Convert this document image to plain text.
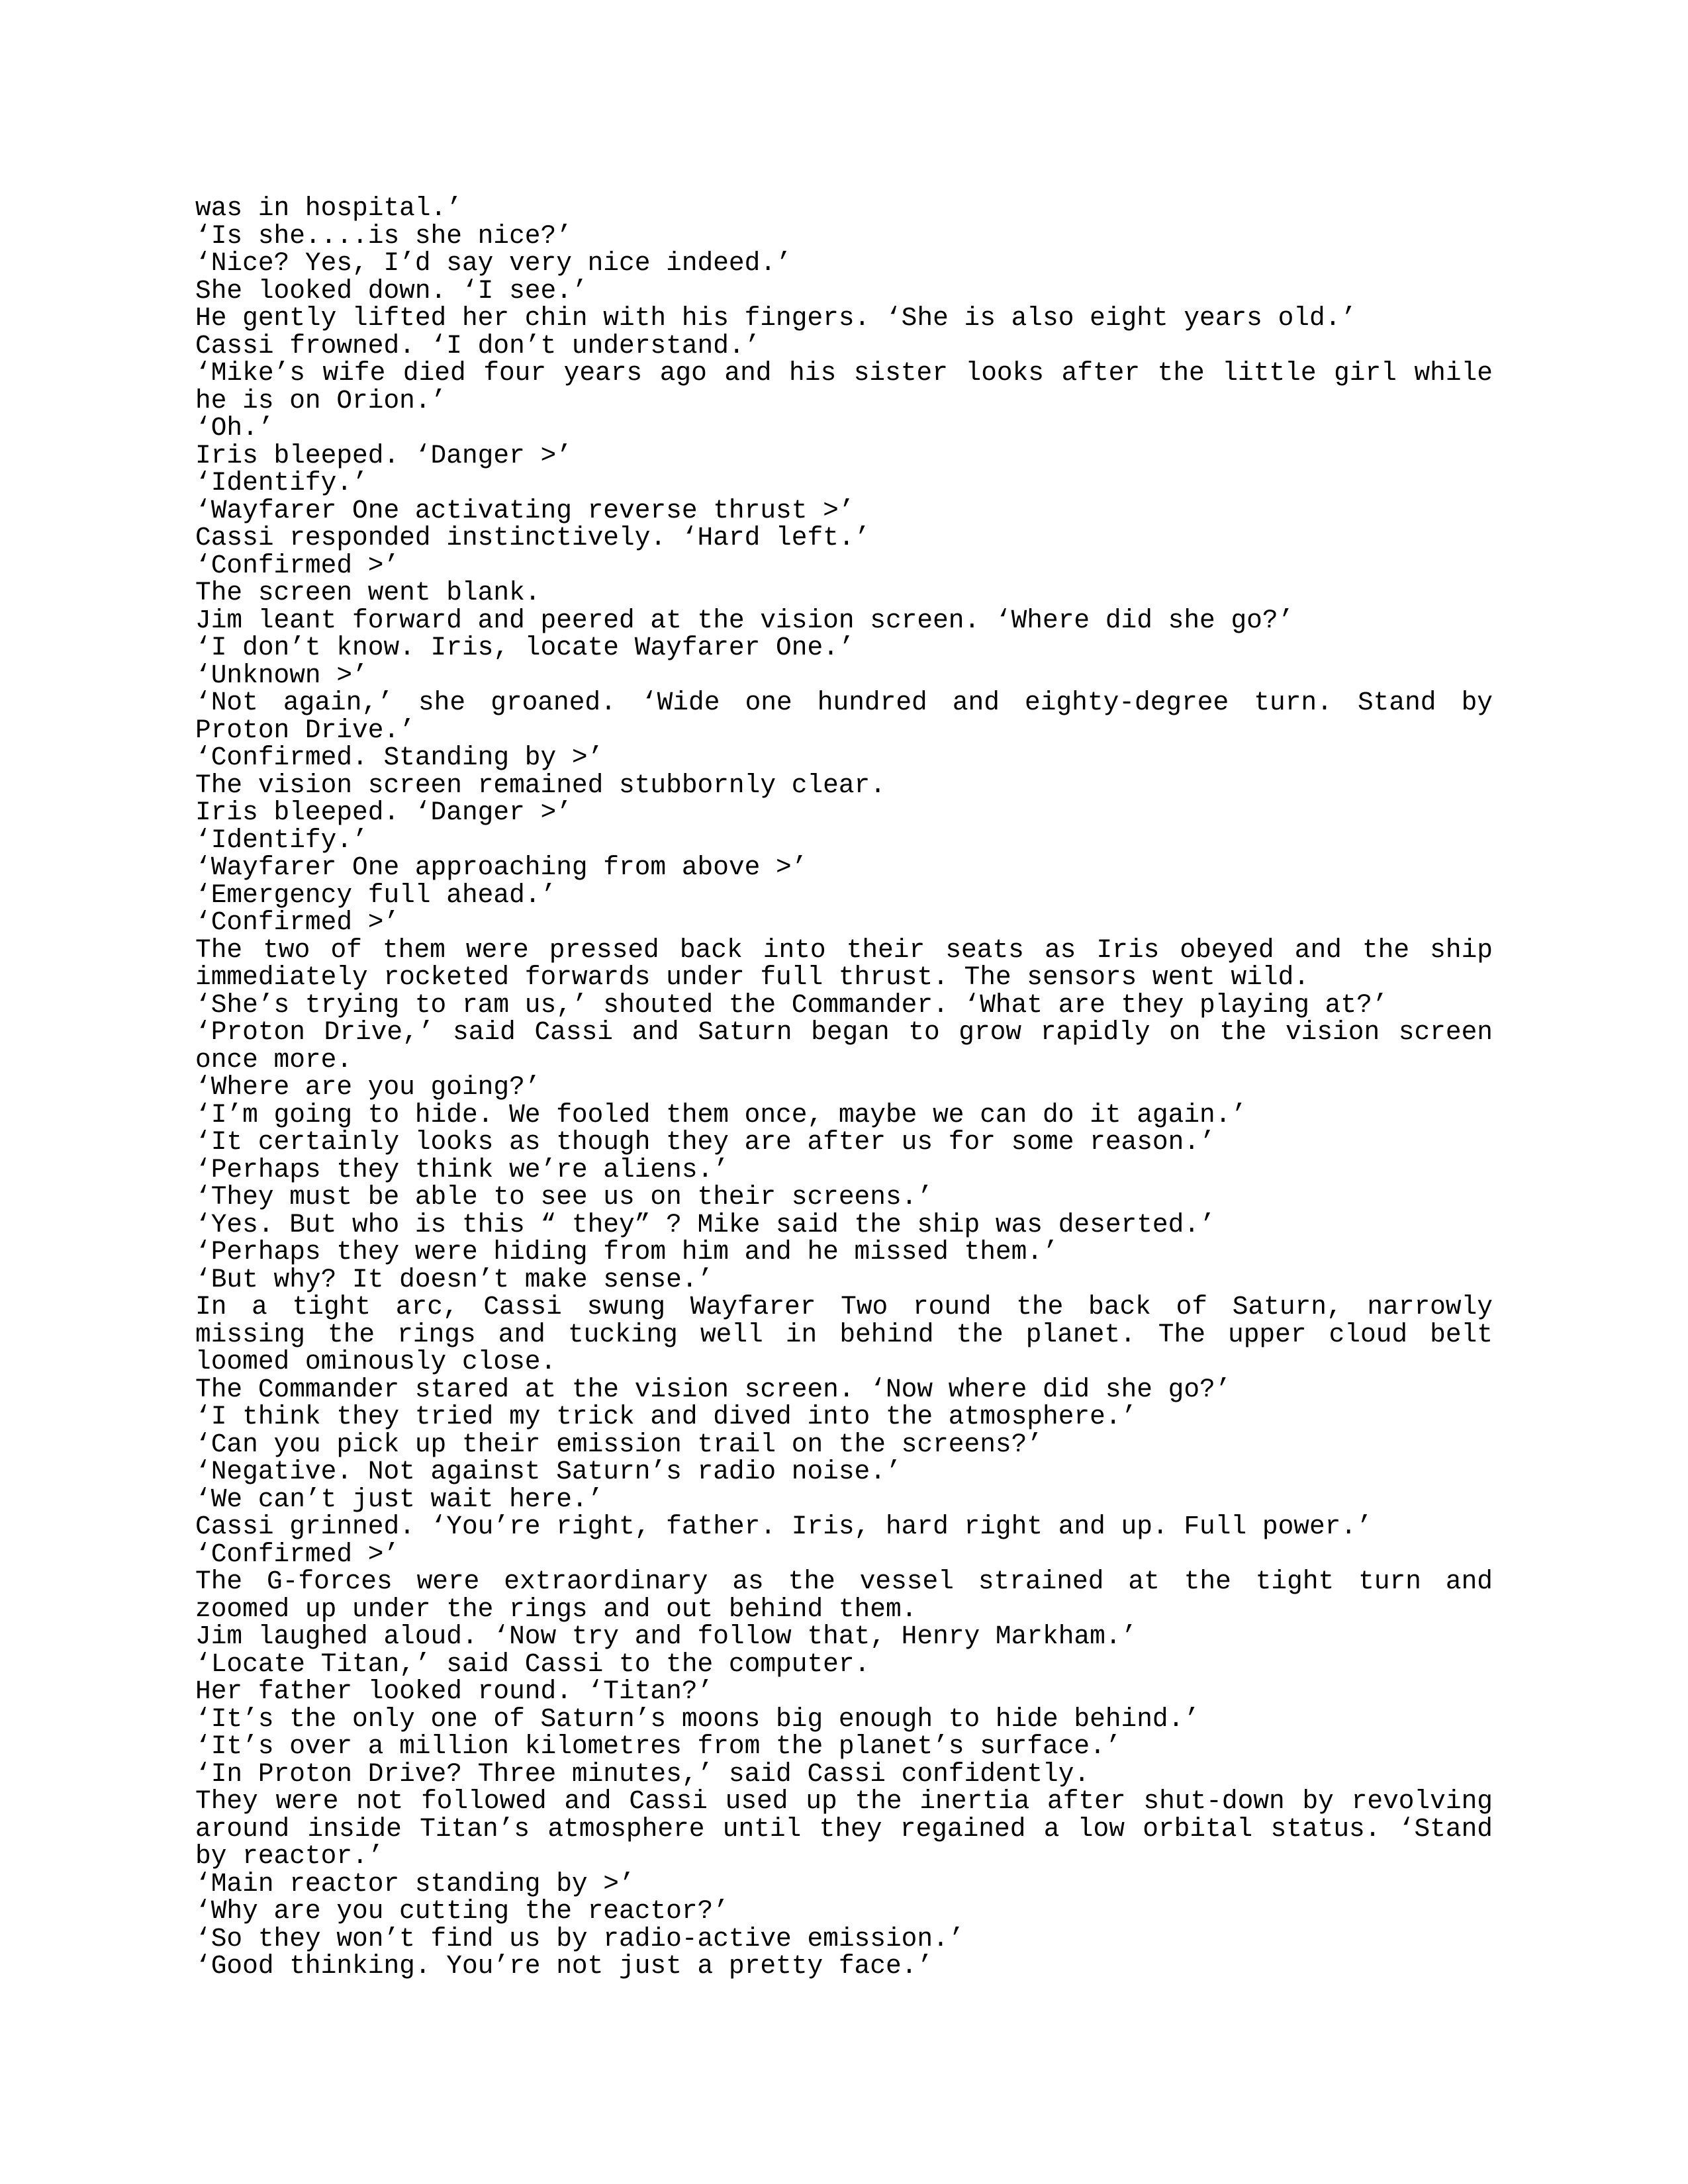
was in hospital.’

‘Is she....is she nice?’

‘Nice? Yes, I’d say very nice indeed.’

She looked down. ‘I see.’

He gently lifted her chin with his fingers. ‘She is also eight years old.’

Cassi frowned. ‘I don’t understand.’

‘Mike’s wife died four years ago and his sister looks after the little girl while he is on Orion.’

‘Oh.’

Iris bleeped. ‘Danger >’

‘Identify.’

‘Wayfarer One activating reverse thrust >’

Cassi responded instinctively. ‘Hard left.’

‘Confirmed >’

The screen went blank.

Jim leant forward and peered at the vision screen. ‘Where did she go?’

‘I don’t know. Iris, locate Wayfarer One.’

‘Unknown >’

‘Not again,’ she groaned. ‘Wide one hundred and eighty-degree turn. Stand by Proton Drive.’

‘Confirmed. Standing by >’

The vision screen remained stubbornly clear.

Iris bleeped. ‘Danger >’

‘Identify.’

‘Wayfarer One approaching from above >’

‘Emergency full ahead.’

‘Confirmed >’

The two of them were pressed back into their seats as Iris obeyed and the ship immediately rocketed forwards under full thrust. The sensors went wild.

‘She’s trying to ram us,’ shouted the Commander. ‘What are they playing at?’

‘Proton Drive,’ said Cassi and Saturn began to grow rapidly on the vision screen once more.

‘Where are you going?’

‘I’m going to hide. We fooled them once, maybe we can do it again.’

‘It certainly looks as though they are after us for some reason.’

‘Perhaps they think we’re aliens.’

‘They must be able to see us on their screens.’

‘Yes. But who is this “ they” ? Mike said the ship was deserted.’

‘Perhaps they were hiding from him and he missed them.’

‘But why? It doesn’t make sense.’

In a tight arc, Cassi swung Wayfarer Two round the back of Saturn, narrowly missing the rings and tucking well in behind the planet. The upper cloud belt loomed ominously close.

The Commander stared at the vision screen. ‘Now where did she go?’

‘I think they tried my trick and dived into the atmosphere.’

‘Can you pick up their emission trail on the screens?’

‘Negative. Not against Saturn’s radio noise.’

‘We can’t just wait here.’

Cassi grinned. ‘You’re right, father. Iris, hard right and up. Full power.’

‘Confirmed >’

The G-forces were extraordinary as the vessel strained at the tight turn and zoomed up under the rings and out behind them.

Jim laughed aloud. ‘Now try and follow that, Henry Markham.’

‘Locate Titan,’ said Cassi to the computer.

Her father looked round. ‘Titan?’

‘It’s the only one of Saturn’s moons big enough to hide behind.’

‘It’s over a million kilometres from the planet’s surface.’

‘In Proton Drive? Three minutes,’ said Cassi confidently.

They were not followed and Cassi used up the inertia after shut-down by revolving around inside Titan’s atmosphere until they regained a low orbital status. ‘Stand by reactor.’

‘Main reactor standing by >’

‘Why are you cutting the reactor?’

‘So they won’t find us by radio-active emission.’

‘Good thinking. You’re not just a pretty face.’
